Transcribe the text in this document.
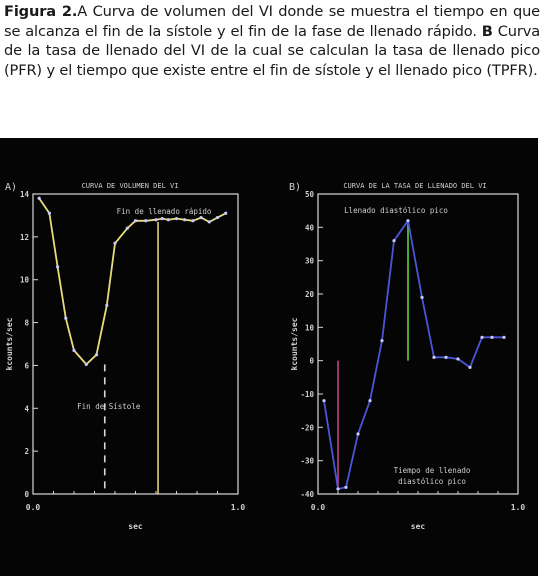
Figura 2.A Curva de volumen del VI donde se muestra el tiempo en que se alcanza el fin de la sístole y el fin de la fase de llenado rápido. B Curva de la tasa de llenado del VI de la cual se calculan la tasa de llenado pico (PFR) y el tiempo que existe entre el fin de sístole y el llenado pico (TPFR).
A)	CURVA DE VOLUMEN DEL VI
0
2
4
6
8
10
12
14
0.0	1.0
sec
kcounts/sec
Fin de Sístole
Fin de llenado rápido
B)	CURVA DE LA TASA DE LLENADO DEL VI
-40
-30
-20
-10
0
10
20
30
40
50
0.0	1.0
sec
kcounts/sec
Llenado diastólico pico
Tiempo de llenado
diastólico pico
